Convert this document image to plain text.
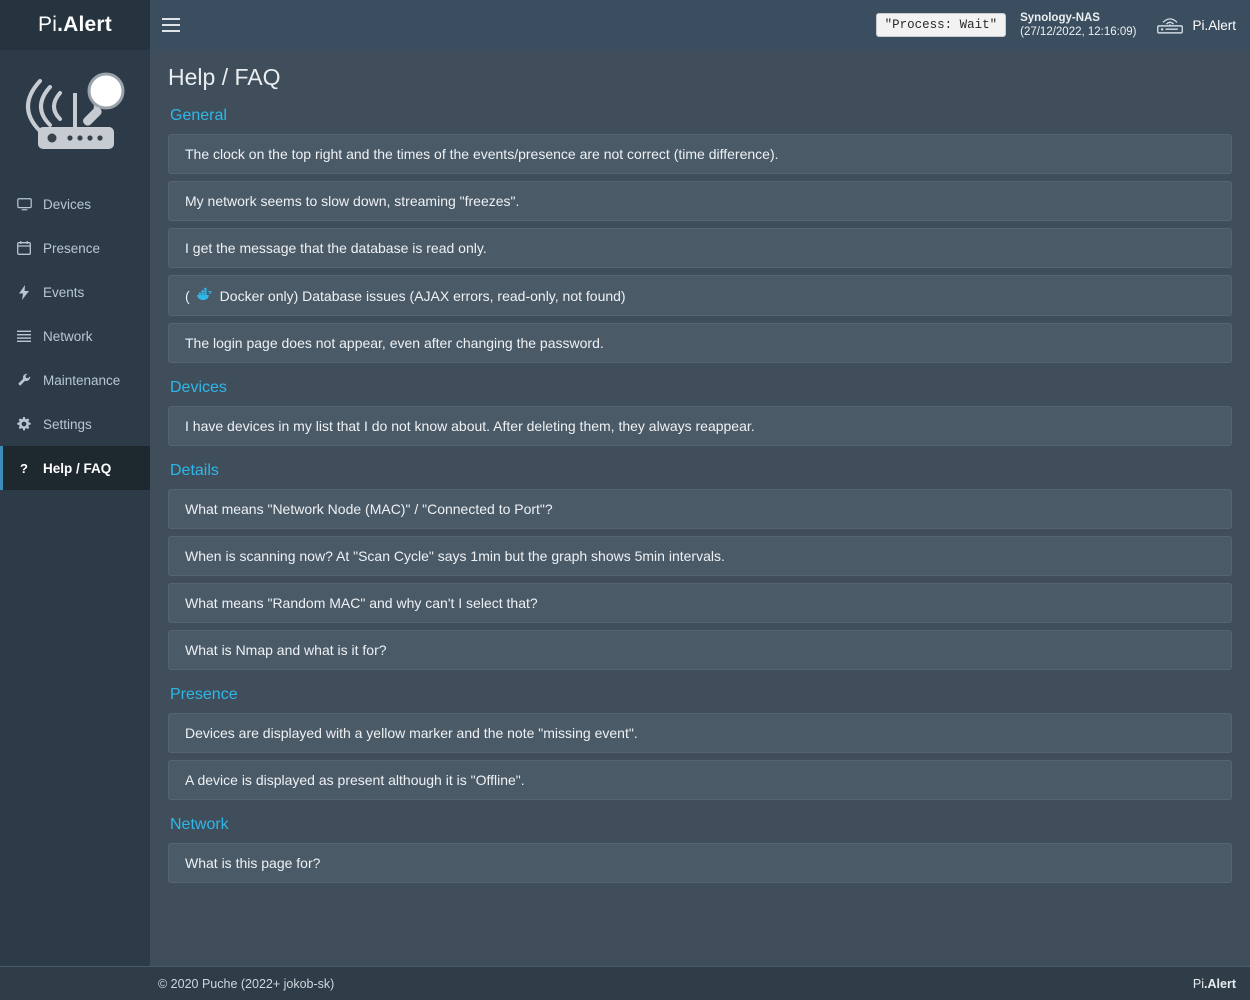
Pi .Alert	"Process: Wait"
Synology-NAS
(27/12/2022, 12:16:09)	Pi.Alert
Devices
Presence
Events
Network
Maintenance
Settings
? Help / FAQ
Help / FAQ
General
The clock on the top right and the times of the events/presence are not correct (time difference).
My network seems to slow down, streaming "freezes".
I get the message that the database is read only.
( Docker only) Database issues (AJAX errors, read-only, not found)
The login page does not appear, even after changing the password.
Devices
I have devices in my list that I do not know about. After deleting them, they always reappear.
Details
What means "Network Node (MAC)" / "Connected to Port"?
When is scanning now? At "Scan Cycle" says 1min but the graph shows 5min intervals.
What means "Random MAC" and why can't I select that?
What is Nmap and what is it for?
Presence
Devices are displayed with a yellow marker and the note "missing event".
A device is displayed as present although it is "Offline".
Network
What is this page for?
© 2020 Puche (2022+ jokob-sk)	Pi.Alert
